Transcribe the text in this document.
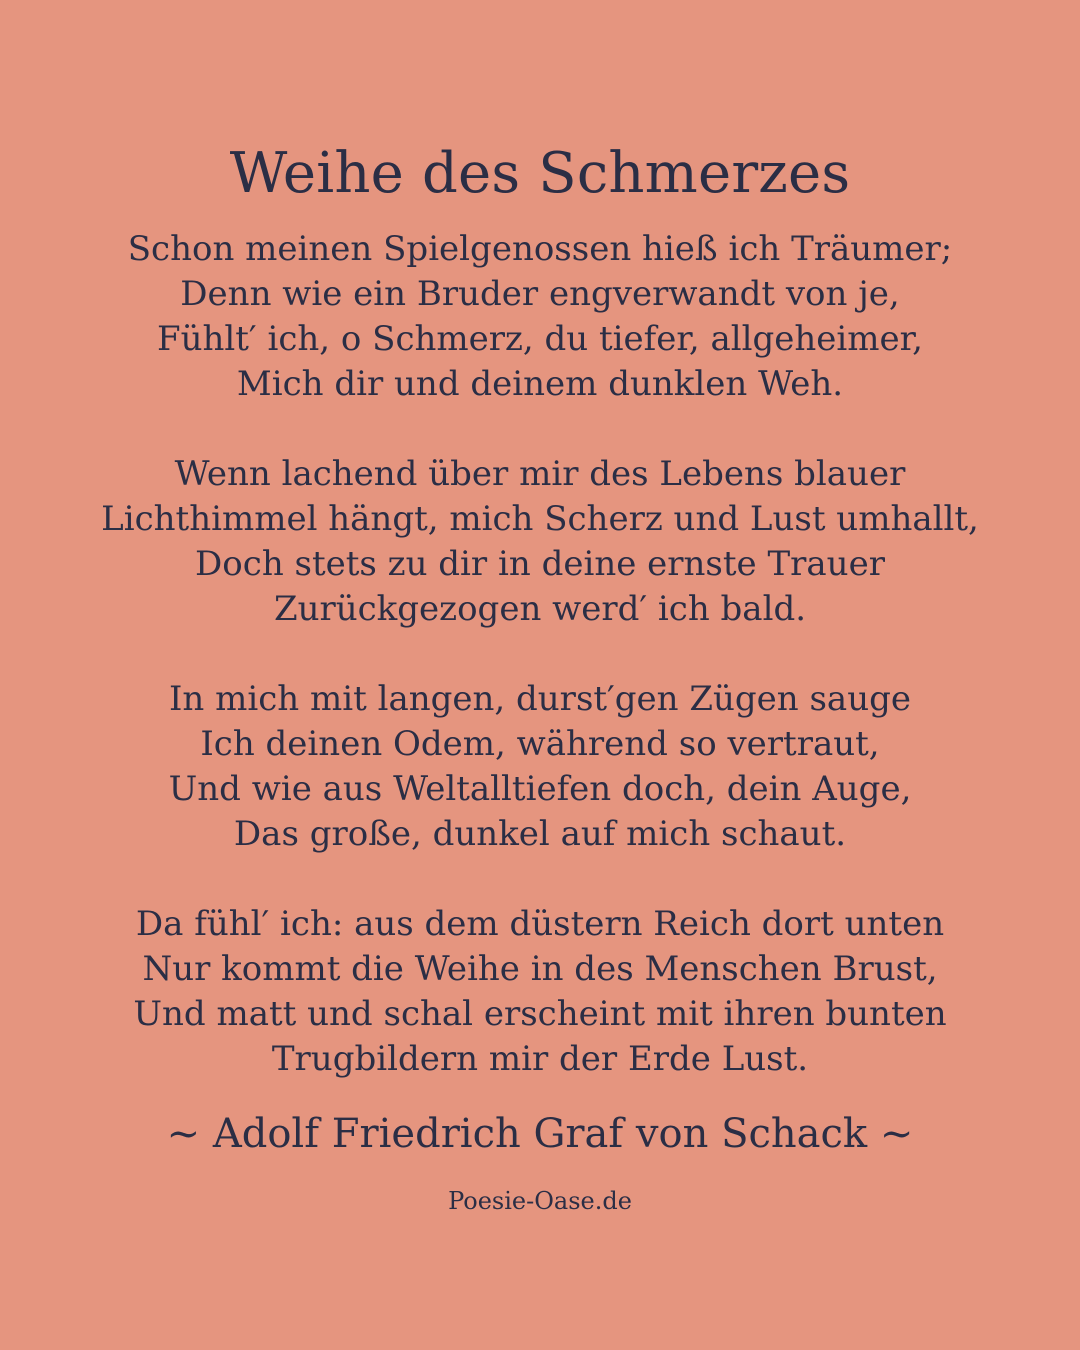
Weihe des Schmerzes
Schon meinen Spielgenossen hieß ich Träumer;
Denn wie ein Bruder engverwandt von je,
Fühlt′ ich, o Schmerz, du tiefer, allgeheimer,
Mich dir und deinem dunklen Weh.
Wenn lachend über mir des Lebens blauer
Lichthimmel hängt, mich Scherz und Lust umhallt,
Doch stets zu dir in deine ernste Trauer
Zurückgezogen werd′ ich bald.
In mich mit langen, durst′gen Zügen sauge
Ich deinen Odem, während so vertraut,
Und wie aus Weltalltiefen doch, dein Auge,
Das große, dunkel auf mich schaut.
Da fühl′ ich: aus dem düstern Reich dort unten
Nur kommt die Weihe in des Menschen Brust,
Und matt und schal erscheint mit ihren bunten
Trugbildern mir der Erde Lust.

~ Adolf Friedrich Graf von Schack ~

Poesie-Oase.de
